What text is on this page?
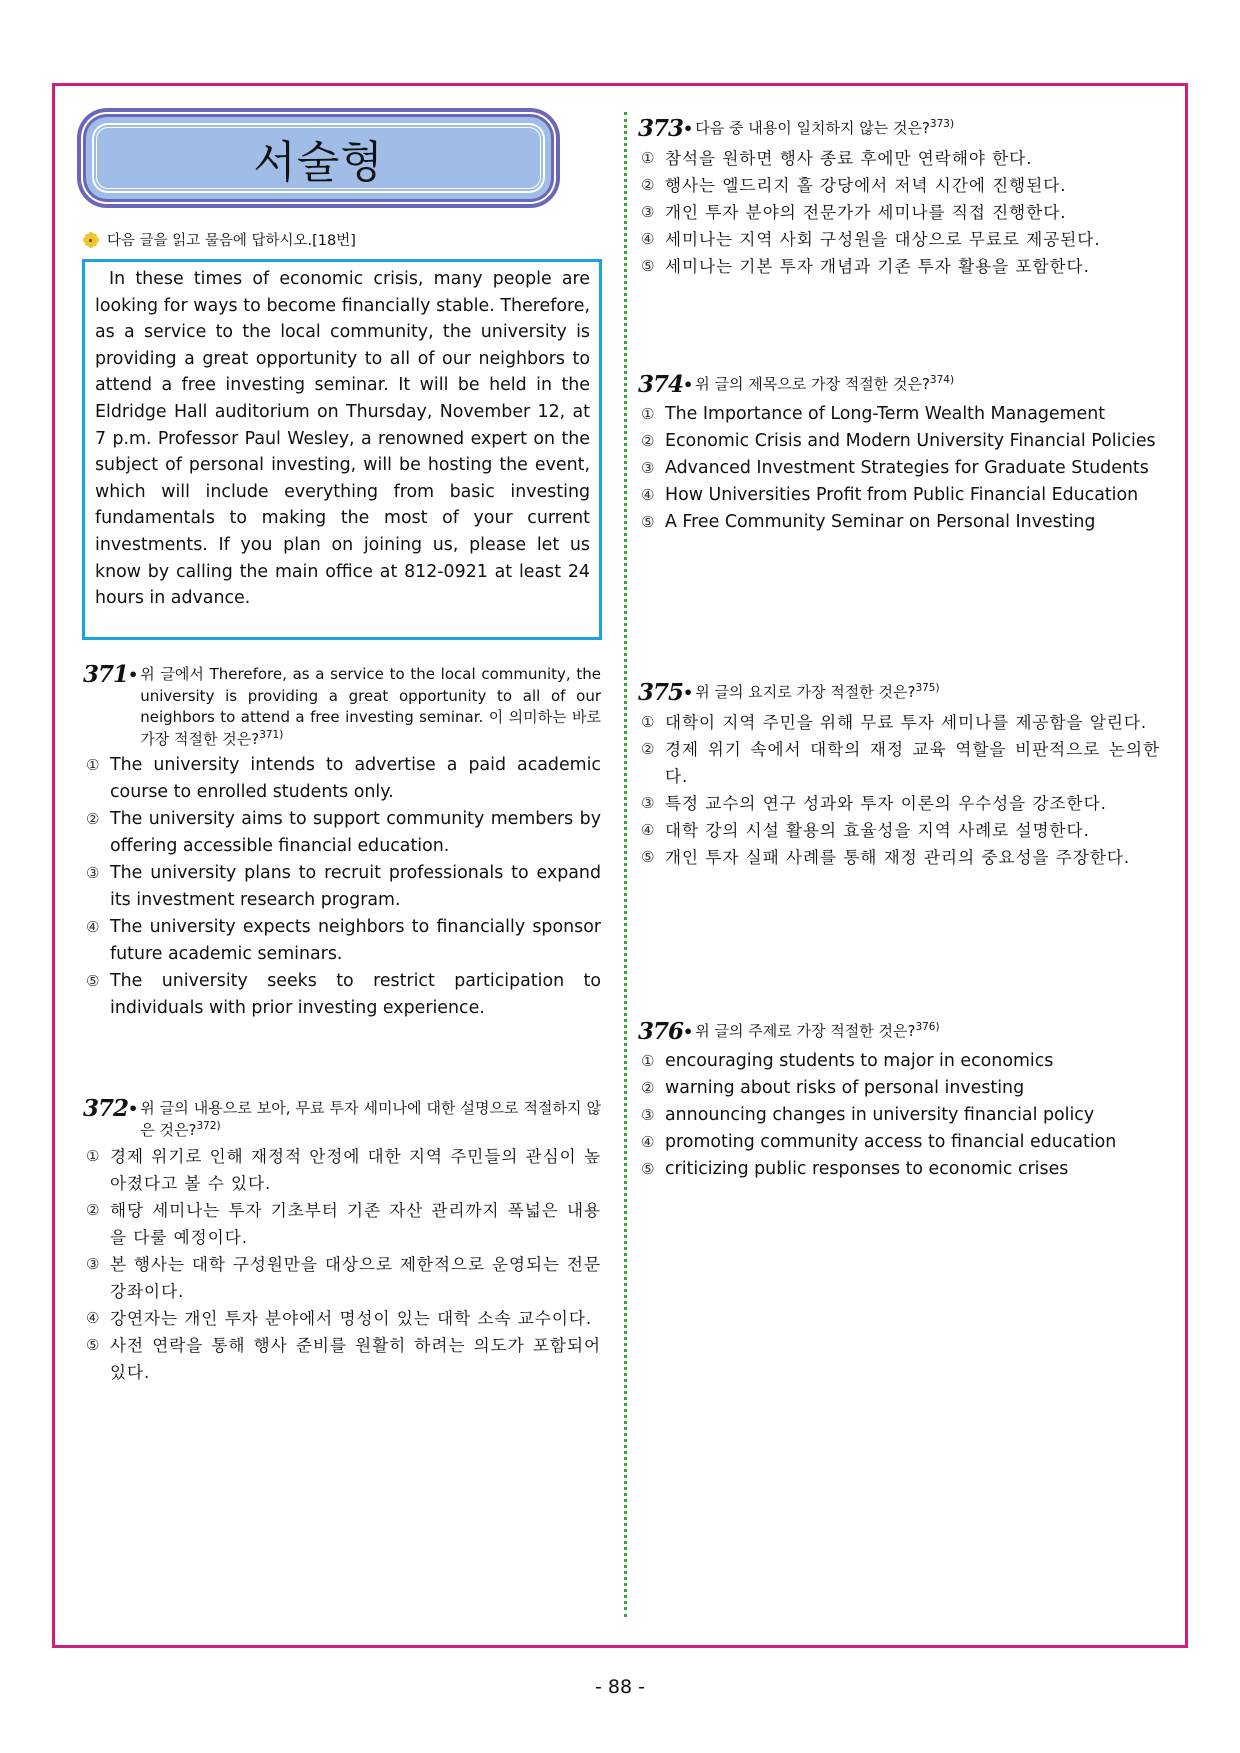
서술형
다음 글을 읽고 물음에 답하시오.[18번]

In these times of economic crisis, many people are looking for ways to become financially stable. Therefore, as a service to the local community, the university is providing a great opportunity to all of our neighbors to attend a free investing seminar. It will be held in the Eldridge Hall auditorium on Thursday, November 12, at 7 p.m. Professor Paul Wesley, a renowned expert on the subject of personal investing, will be hosting the event, which will include everything from basic investing fundamentals to making the most of your current investments. If you plan on joining us, please let us know by calling the main office at 812-0921 at least 24 hours in advance.

371• 위 글에서 Therefore, as a service to the local community, the university is providing a great opportunity to all of our neighbors to attend a free investing seminar. 이 의미하는 바로 가장 적절한 것은?$^{371)}$
① The university intends to advertise a paid academic course to enrolled students only.
② The university aims to support community members by offering accessible financial education.
③ The university plans to recruit professionals to expand its investment research program.
④ The university expects neighbors to financially sponsor future academic seminars.
⑤ The university seeks to restrict participation to individuals with prior investing experience.
372• 위 글의 내용으로 보아, 무료 투자 세미나에 대한 설명으로 적절하지 않은 것은?$^{372)}$
① 경제 위기로 인해 재정적 안정에 대한 지역 주민들의 관심이 높아졌다고 볼 수 있다.
② 해당 세미나는 투자 기초부터 기존 자산 관리까지 폭넓은 내용을 다룰 예정이다.
③ 본 행사는 대학 구성원만을 대상으로 제한적으로 운영되는 전문 강좌이다.
④ 강연자는 개인 투자 분야에서 명성이 있는 대학 소속 교수이다.
⑤ 사전 연락을 통해 행사 준비를 원활히 하려는 의도가 포함되어 있다.
373• 다음 중 내용이 일치하지 않는 것은?$^{373)}$
① 참석을 원하면 행사 종료 후에만 연락해야 한다.
② 행사는 엘드리지 홀 강당에서 저녁 시간에 진행된다.
③ 개인 투자 분야의 전문가가 세미나를 직접 진행한다.
④ 세미나는 지역 사회 구성원을 대상으로 무료로 제공된다.
⑤ 세미나는 기본 투자 개념과 기존 투자 활용을 포함한다.
374• 위 글의 제목으로 가장 적절한 것은?$^{374)}$
① The Importance of Long-Term Wealth Management
② Economic Crisis and Modern University Financial Policies
③ Advanced Investment Strategies for Graduate Students
④ How Universities Profit from Public Financial Education
⑤ A Free Community Seminar on Personal Investing
375• 위 글의 요지로 가장 적절한 것은?$^{375)}$
① 대학이 지역 주민을 위해 무료 투자 세미나를 제공함을 알린다.
② 경제 위기 속에서 대학의 재정 교육 역할을 비판적으로 논의한다.
③ 특정 교수의 연구 성과와 투자 이론의 우수성을 강조한다.
④ 대학 강의 시설 활용의 효율성을 지역 사례로 설명한다.
⑤ 개인 투자 실패 사례를 통해 재정 관리의 중요성을 주장한다.
376• 위 글의 주제로 가장 적절한 것은?$^{376)}$
① encouraging students to major in economics
② warning about risks of personal investing
③ announcing changes in university financial policy
④ promoting community access to financial education
⑤ criticizing public responses to economic crises
- 88 -
